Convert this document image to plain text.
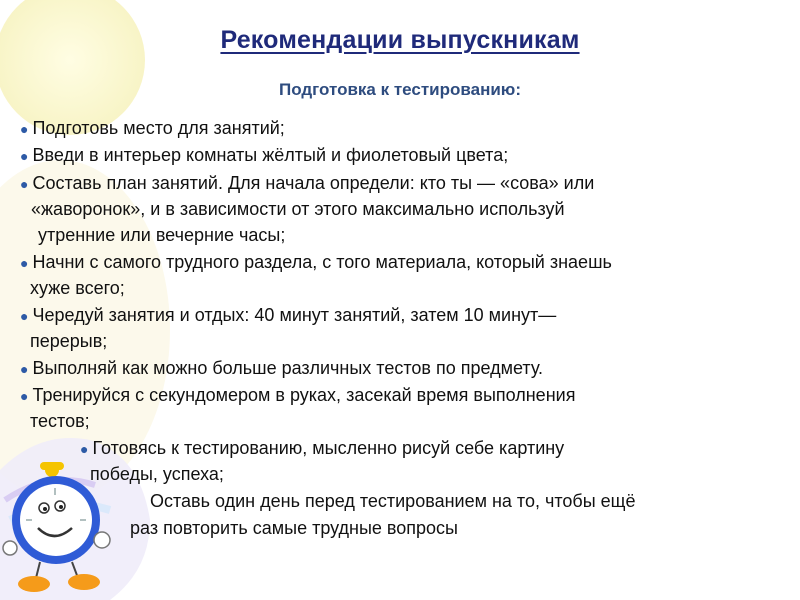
Рекомендации выпускникам
Подготовка к тестированию:
● Подготовь место для занятий;
● Введи в интерьер комнаты жёлтый и фиолетовый цвета;
● Составь план занятий. Для начала определи: кто ты — «сова» или
«жаворонок», и в зависимости от этого максимально используй
утренние или вечерние часы;
● Начни с самого трудного раздела, с того материала, который знаешь
хуже всего;
● Чередуй занятия и отдых: 40 минут занятий, затем 10 минут—
перерыв;
● Выполняй как можно больше различных тестов по предмету.
● Тренируйся с секундомером в руках, засекай время выполнения
тестов;
● Готовясь к тестированию, мысленно рисуй себе картину
победы, успеха;
Оставь один день перед тестированием на то, чтобы ещё
раз повторить самые трудные вопросы
